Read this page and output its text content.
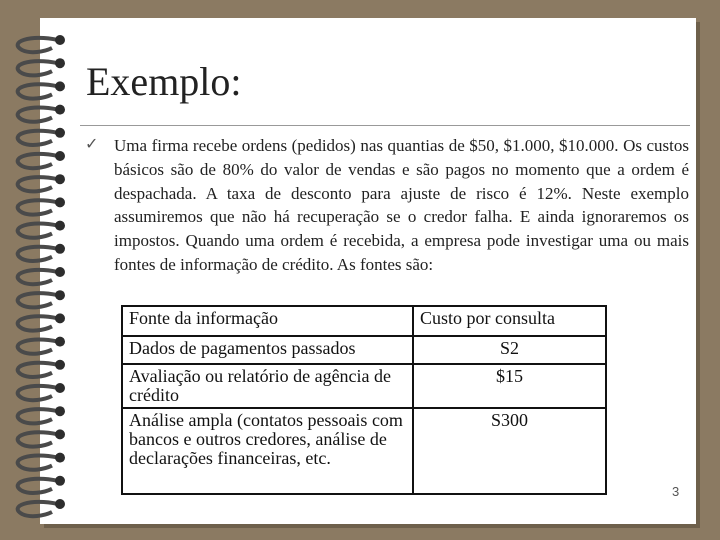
Exemplo:
✓ Uma firma recebe ordens (pedidos) nas quantias de $50, $1.000, $10.000. Os custos básicos são de 80% do valor de vendas e são pagos no momento que a ordem é despachada. A taxa de desconto para ajuste de risco é 12%. Neste exemplo assumiremos que não há recuperação se o credor falha. E ainda ignoraremos os impostos. Quando uma ordem é recebida, a empresa pode investigar uma ou mais fontes de informação de crédito. As fontes são:

Fonte da informação	Custo por consulta
Dados de pagamentos passados	S2
Avaliação ou relatório de agência de crédito	$15
Análise ampla (contatos pessoais com bancos e outros credores, análise de declarações financeiras, etc.	S300
3
